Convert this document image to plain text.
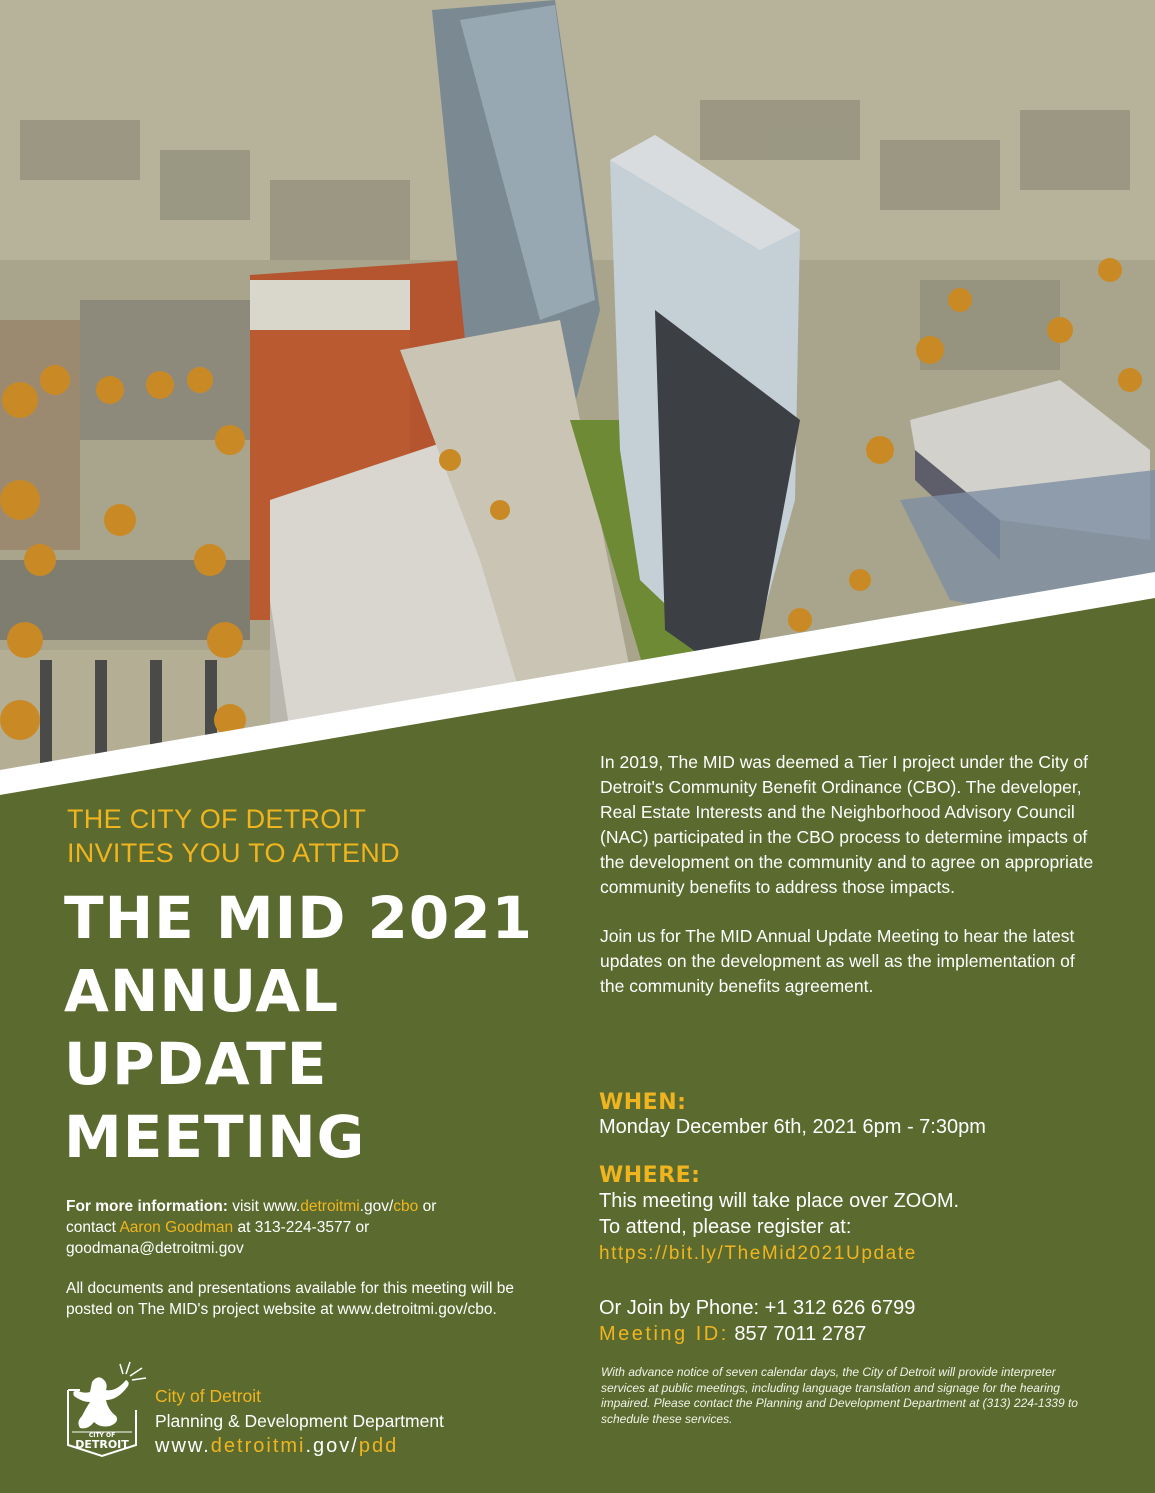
THE CITY OF DETROIT
INVITES YOU TO ATTEND
THE MID 2021
ANNUAL
UPDATE
MEETING
For more information: visit www.detroitmi.gov/cbo or
contact Aaron Goodman at 313-224-3577 or
goodmana@detroitmi.gov
All documents and presentations available for this meeting will be posted on The MID's project website at www.detroitmi.gov/cbo.
CITY OF
DETROIT
City of Detroit
Planning & Development Department
www.detroitmi.gov/pdd

In 2019, The MID was deemed a Tier I project under the City of Detroit's Community Benefit Ordinance (CBO). The developer, Real Estate Interests and the Neighborhood Advisory Council (NAC) participated in the CBO process to determine impacts of the development on the community and to agree on appropriate community benefits to address those impacts.

Join us for The MID Annual Update Meeting to hear the latest updates on the development as well as the implementation of the community benefits agreement.

WHEN:
Monday December 6th, 2021 6pm - 7:30pm
WHERE:
This meeting will take place over ZOOM.
To attend, please register at:
https://bit.ly/TheMid2021Update
Or Join by Phone: +1 312 626 6799
Meeting ID: 857 7011 2787
With advance notice of seven calendar days, the City of Detroit will provide interpreter services at public meetings, including language translation and signage for the hearing impaired. Please contact the Planning and Development Department at (313) 224-1339 to schedule these services.
